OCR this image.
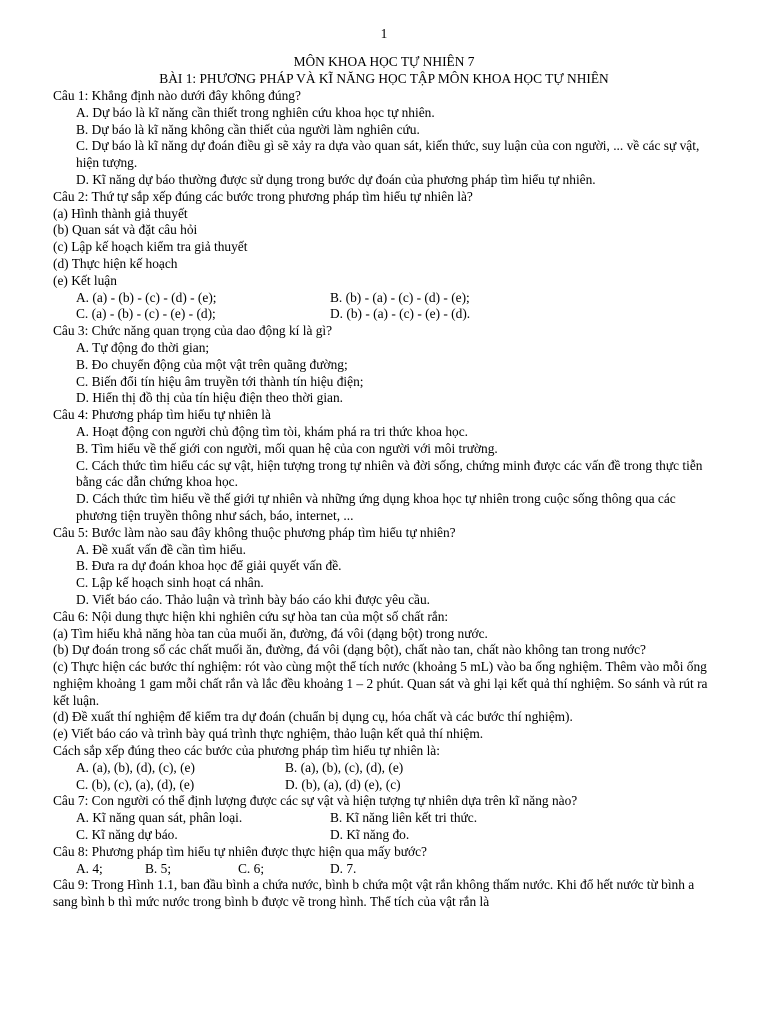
1
MÔN KHOA HỌC TỰ NHIÊN 7
BÀI 1: PHƯƠNG PHÁP VÀ KĨ NĂNG HỌC TẬP MÔN KHOA HỌC TỰ NHIÊN
Câu 1: Khẳng định nào dưới đây không đúng?
A. Dự báo là kĩ năng cần thiết trong nghiên cứu khoa học tự nhiên.
B. Dự báo là kĩ năng không cần thiết của người làm nghiên cứu.
C. Dự báo là kĩ năng dự đoán điều gì sẽ xảy ra dựa vào quan sát, kiến thức, suy luận của con người, ... về các sự vật, hiện tượng.
D. Kĩ năng dự báo thường được sử dụng trong bước dự đoán của phương pháp tìm hiểu tự nhiên.
Câu 2: Thứ tự sắp xếp đúng các bước trong phương pháp tìm hiểu tự nhiên là?
(a) Hình thành giả thuyết
(b) Quan sát và đặt câu hỏi
(c) Lập kế hoạch kiểm tra giả thuyết
(d) Thực hiện kế hoạch
(e) Kết luận
A. (a) - (b) - (c) - (d) - (e);	B. (b) - (a) - (c) - (d) - (e);
C. (a) - (b) - (c) - (e) - (d);	D. (b) - (a) - (c) - (e) - (d).
Câu 3: Chức năng quan trọng của dao động kí là gì?
A. Tự động đo thời gian;
B. Đo chuyển động của một vật trên quãng đường;
C. Biến đổi tín hiệu âm truyền tới thành tín hiệu điện;
D. Hiển thị đồ thị của tín hiệu điện theo thời gian.
Câu 4: Phương pháp tìm hiểu tự nhiên là
A. Hoạt động con người chủ động tìm tòi, khám phá ra tri thức khoa học.
B. Tìm hiểu về thế giới con người, mối quan hệ của con người với môi trường.
C. Cách thức tìm hiểu các sự vật, hiện tượng trong tự nhiên và đời sống, chứng minh được các vấn đề trong thực tiễn bằng các dẫn chứng khoa học.
D. Cách thức tìm hiểu về thế giới tự nhiên và những ứng dụng khoa học tự nhiên trong cuộc sống thông qua các phương tiện truyền thông như sách, báo, internet, ...
Câu 5: Bước làm nào sau đây không thuộc phương pháp tìm hiểu tự nhiên?
A. Đề xuất vấn đề cần tìm hiểu.
B. Đưa ra dự đoán khoa học để giải quyết vấn đề.
C. Lập kế hoạch sinh hoạt cá nhân.
D. Viết báo cáo. Thảo luận và trình bày báo cáo khi được yêu cầu.
Câu 6: Nội dung thực hiện khi nghiên cứu sự hòa tan của một số chất rắn:
(a) Tìm hiểu khả năng hòa tan của muối ăn, đường, đá vôi (dạng bột) trong nước.
(b) Dự đoán trong số các chất muối ăn, đường, đá vôi (dạng bột), chất nào tan, chất nào không tan trong nước?
(c) Thực hiện các bước thí nghiệm: rót vào cùng một thể tích nước (khoảng 5 mL) vào ba ống nghiệm. Thêm vào mỗi ống nghiệm khoảng 1 gam mỗi chất rắn và lắc đều khoảng 1 – 2 phút. Quan sát và ghi lại kết quả thí nghiệm. So sánh và rút ra kết luận.
(d) Đề xuất thí nghiệm để kiểm tra dự đoán (chuẩn bị dụng cụ, hóa chất và các bước thí nghiệm).
(e) Viết báo cáo và trình bày quá trình thực nghiệm, thảo luận kết quả thí nhiệm.
Cách sắp xếp đúng theo các bước của phương pháp tìm hiểu tự nhiên là:
A. (a), (b), (d), (c), (e)	B. (a), (b), (c), (d), (e)
C. (b), (c), (a), (d), (e)	D. (b), (a), (d) (e), (c)
Câu 7: Con người có thể định lượng được các sự vật và hiện tượng tự nhiên dựa trên kĩ năng nào?
A. Kĩ năng quan sát, phân loại.	B. Kĩ năng liên kết tri thức.
C. Kĩ năng dự báo.	D. Kĩ năng đo.
Câu 8: Phương pháp tìm hiểu tự nhiên được thực hiện qua mấy bước?
A. 4;	B. 5;	C. 6;	D. 7.
Câu 9: Trong Hình 1.1, ban đầu bình a chứa nước, bình b chứa một vật rắn không thấm nước. Khi đổ hết nước từ bình a sang bình b thì mức nước trong bình b được vẽ trong hình. Thể tích của vật rắn là
